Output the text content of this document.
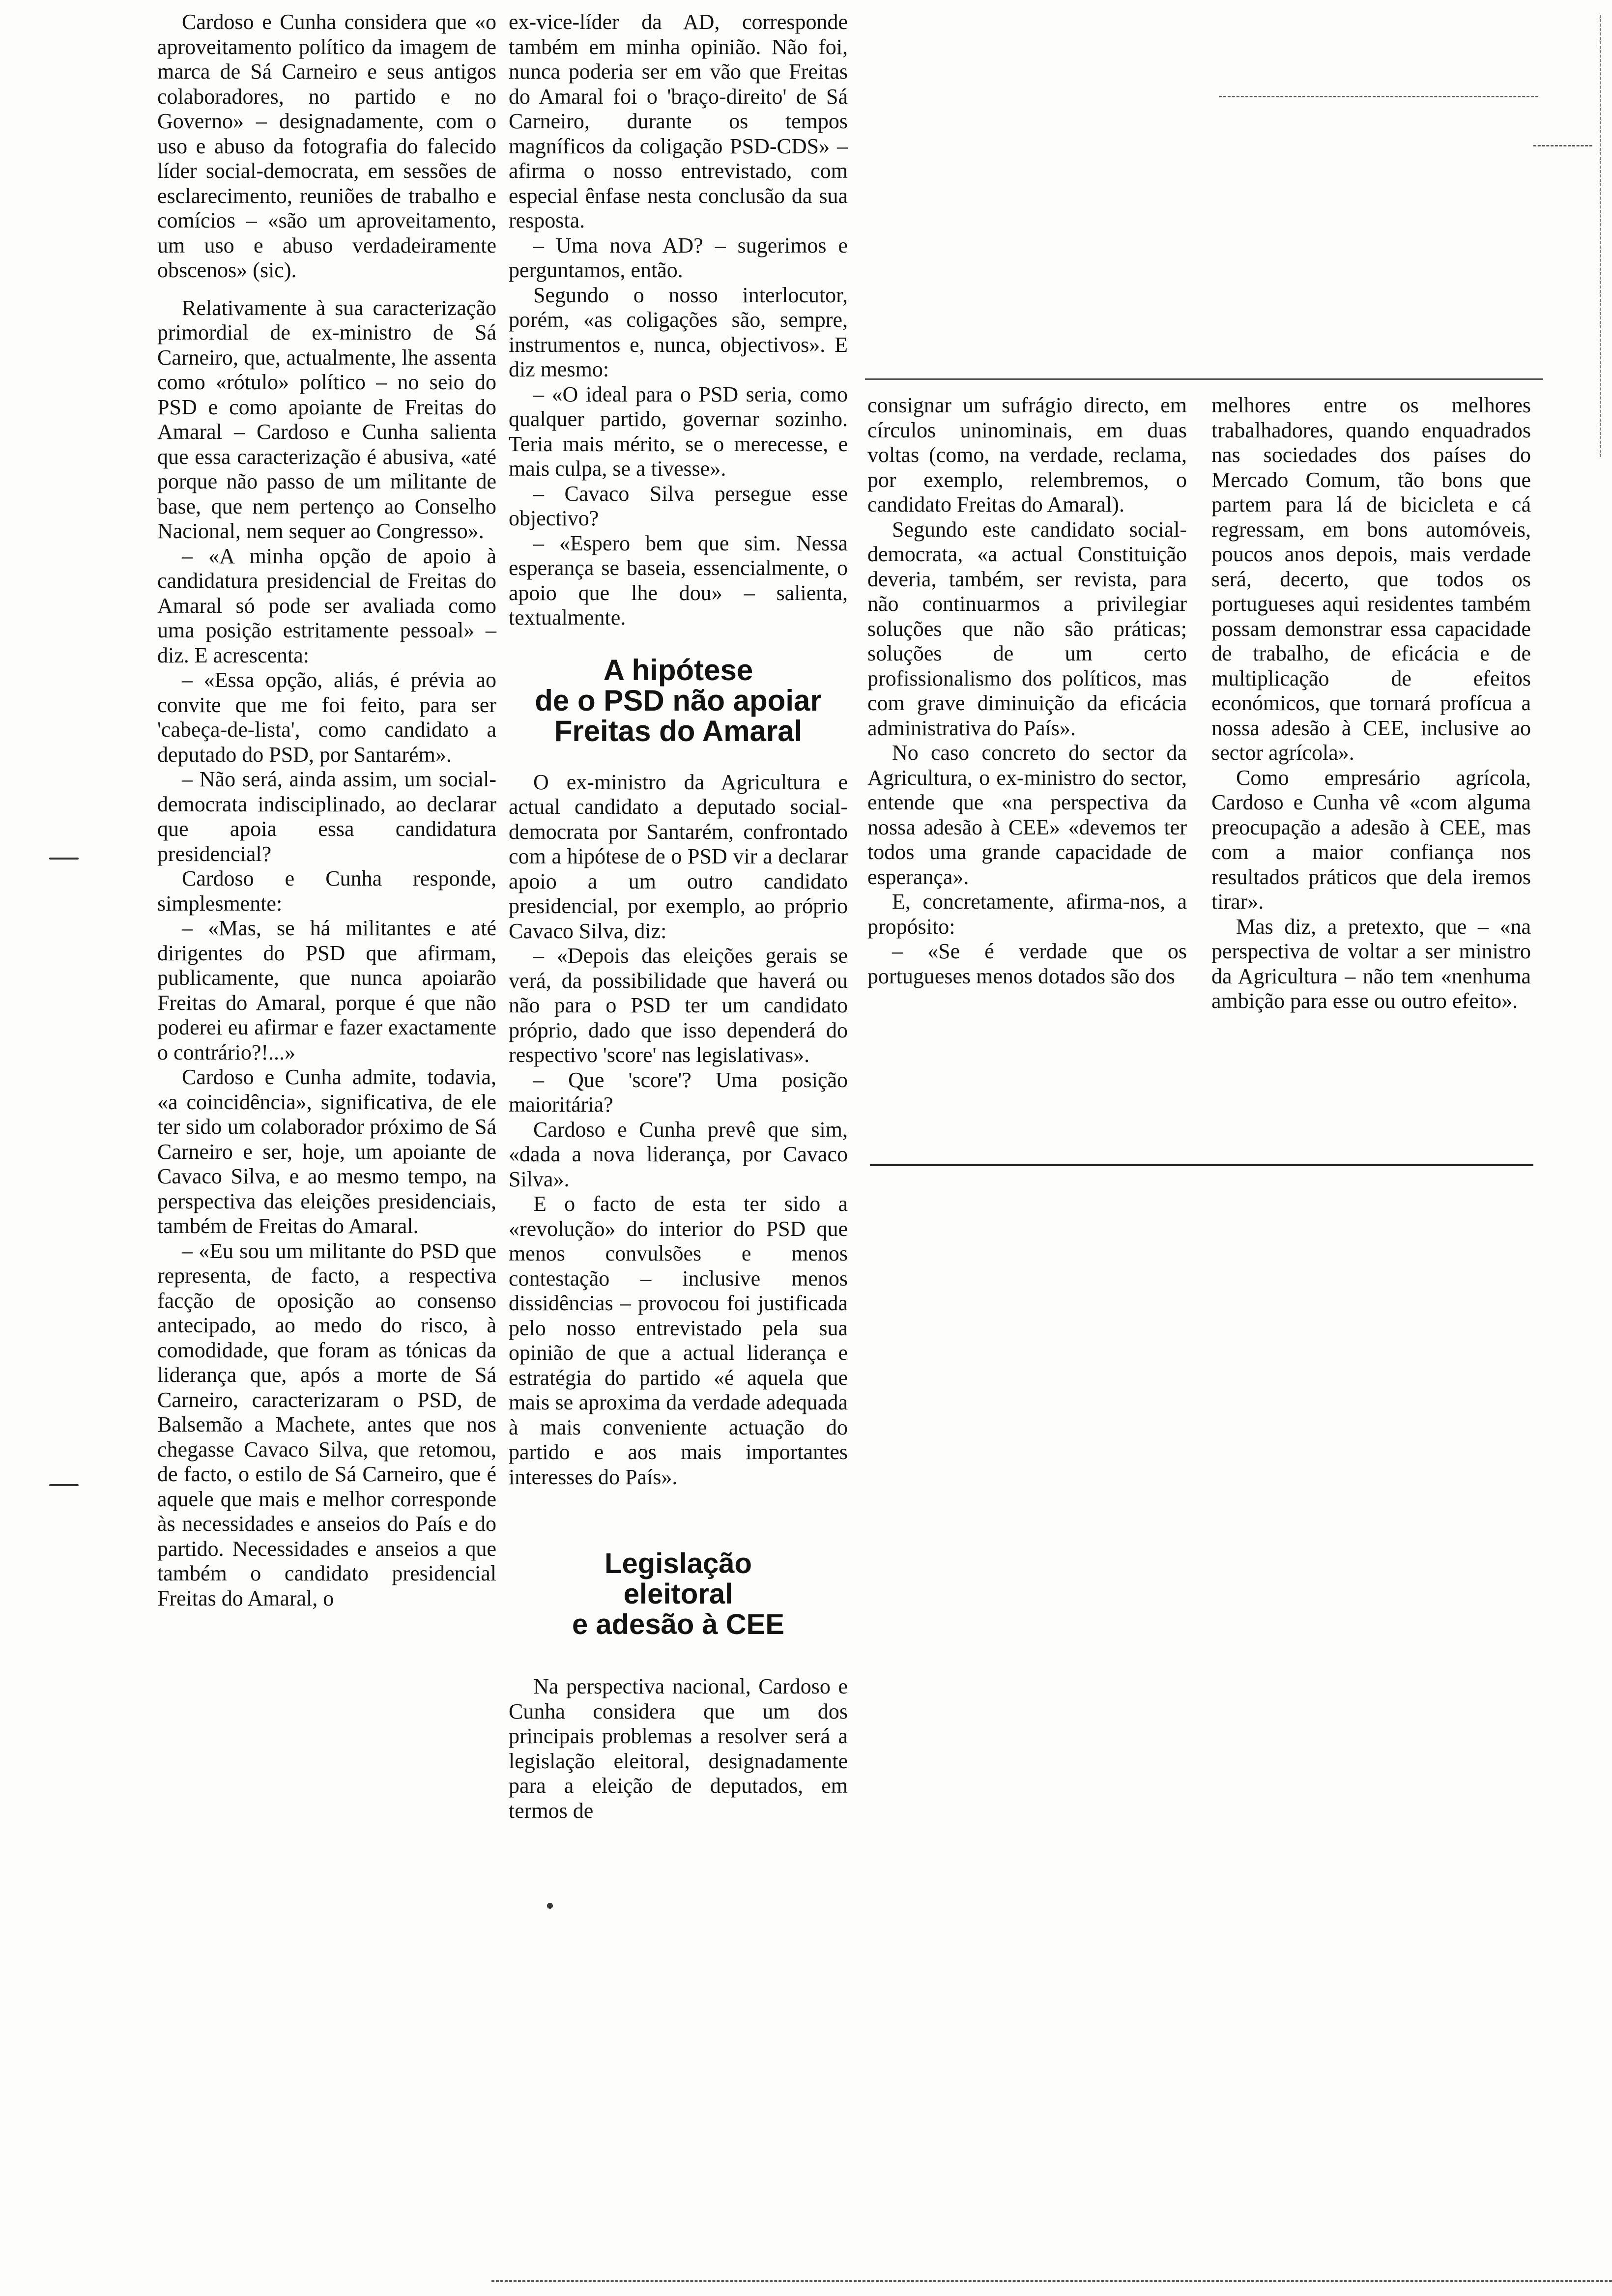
Cardoso e Cunha considera que «o aproveitamento político da imagem de marca de Sá Carneiro e seus antigos colaboradores, no partido e no Governo» – designadamente, com o uso e abuso da fotografia do falecido líder social-democrata, em sessões de esclarecimento, reuniões de trabalho e comícios – «são um aproveitamento, um uso e abuso verdadeiramente obscenos» (sic).

Relativamente à sua caracterização primordial de ex-ministro de Sá Carneiro, que, actualmente, lhe assenta como «rótulo» político – no seio do PSD e como apoiante de Freitas do Amaral – Cardoso e Cunha salienta que essa caracterização é abusiva, «até porque não passo de um militante de base, que nem pertenço ao Conselho Nacional, nem sequer ao Congresso».

– «A minha opção de apoio à candidatura presidencial de Freitas do Amaral só pode ser avaliada como uma posição estritamente pessoal» – diz. E acrescenta:

– «Essa opção, aliás, é prévia ao convite que me foi feito, para ser 'cabeça-de-lista', como candidato a deputado do PSD, por Santarém».

– Não será, ainda assim, um social-democrata indisciplinado, ao declarar que apoia essa candidatura presidencial?

Cardoso e Cunha responde, simplesmente:

– «Mas, se há militantes e até dirigentes do PSD que afirmam, publicamente, que nunca apoiarão Freitas do Amaral, porque é que não poderei eu afirmar e fazer exactamente o contrário?!...»

Cardoso e Cunha admite, todavia, «a coincidência», significativa, de ele ter sido um colaborador próximo de Sá Carneiro e ser, hoje, um apoiante de Cavaco Silva, e ao mesmo tempo, na perspectiva das eleições presidenciais, também de Freitas do Amaral.

– «Eu sou um militante do PSD que representa, de facto, a respectiva facção de oposição ao consenso antecipado, ao medo do risco, à comodidade, que foram as tónicas da liderança que, após a morte de Sá Carneiro, caracterizaram o PSD, de Balsemão a Machete, antes que nos chegasse Cavaco Silva, que retomou, de facto, o estilo de Sá Carneiro, que é aquele que mais e melhor corresponde às necessidades e anseios do País e do partido. Necessidades e anseios a que também o candidato presidencial Freitas do Amaral, o

ex-vice-líder da AD, corresponde também em minha opinião. Não foi, nunca poderia ser em vão que Freitas do Amaral foi o 'braço-direito' de Sá Carneiro, durante os tempos magníficos da coligação PSD-CDS» – afirma o nosso entrevistado, com especial ênfase nesta conclusão da sua resposta.

– Uma nova AD? – sugerimos e perguntamos, então.

Segundo o nosso interlocutor, porém, «as coligações são, sempre, instrumentos e, nunca, objectivos». E diz mesmo:

– «O ideal para o PSD seria, como qualquer partido, governar sozinho. Teria mais mérito, se o merecesse, e mais culpa, se a tivesse».

– Cavaco Silva persegue esse objectivo?

– «Espero bem que sim. Nessa esperança se baseia, essencialmente, o apoio que lhe dou» – salienta, textualmente.

A hipótese
de o PSD não apoiar
Freitas do Amaral

O ex-ministro da Agricultura e actual candidato a deputado social-democrata por Santarém, confrontado com a hipótese de o PSD vir a declarar apoio a um outro candidato presidencial, por exemplo, ao próprio Cavaco Silva, diz:

– «Depois das eleições gerais se verá, da possibilidade que haverá ou não para o PSD ter um candidato próprio, dado que isso dependerá do respectivo 'score' nas legislativas».

– Que 'score'? Uma posição maioritária?

Cardoso e Cunha prevê que sim, «dada a nova liderança, por Cavaco Silva».

E o facto de esta ter sido a «revolução» do interior do PSD que menos convulsões e menos contestação – inclusive menos dissidências – provocou foi justificada pelo nosso entrevistado pela sua opinião de que a actual liderança e estratégia do partido «é aquela que mais se aproxima da verdade adequada à mais conveniente actuação do partido e aos mais importantes interesses do País».

Legislação
eleitoral
e adesão à CEE

Na perspectiva nacional, Cardoso e Cunha considera que um dos principais problemas a resolver será a legislação eleitoral, designadamente para a eleição de deputados, em termos de

consignar um sufrágio directo, em círculos uninominais, em duas voltas (como, na verdade, reclama, por exemplo, relembremos, o candidato Freitas do Amaral).

Segundo este candidato social-democrata, «a actual Constituição deveria, também, ser revista, para não continuarmos a privilegiar soluções que não são práticas; soluções de um certo profissionalismo dos políticos, mas com grave diminuição da eficácia administrativa do País».

No caso concreto do sector da Agricultura, o ex-ministro do sector, entende que «na perspectiva da nossa adesão à CEE» «devemos ter todos uma grande capacidade de esperança».

E, concretamente, afirma-nos, a propósito:

– «Se é verdade que os portugueses menos dotados são dos

melhores entre os melhores trabalhadores, quando enquadrados nas sociedades dos países do Mercado Comum, tão bons que partem para lá de bicicleta e cá regressam, em bons automóveis, poucos anos depois, mais verdade será, decerto, que todos os portugueses aqui residentes também possam demonstrar essa capacidade de trabalho, de eficácia e de multiplicação de efeitos económicos, que tornará profícua a nossa adesão à CEE, inclusive ao sector agrícola».

Como empresário agrícola, Cardoso e Cunha vê «com alguma preocupação a adesão à CEE, mas com a maior confiança nos resultados práticos que dela iremos tirar».

Mas diz, a pretexto, que – «na perspectiva de voltar a ser ministro da Agricultura – não tem «nenhuma ambição para esse ou outro efeito».
